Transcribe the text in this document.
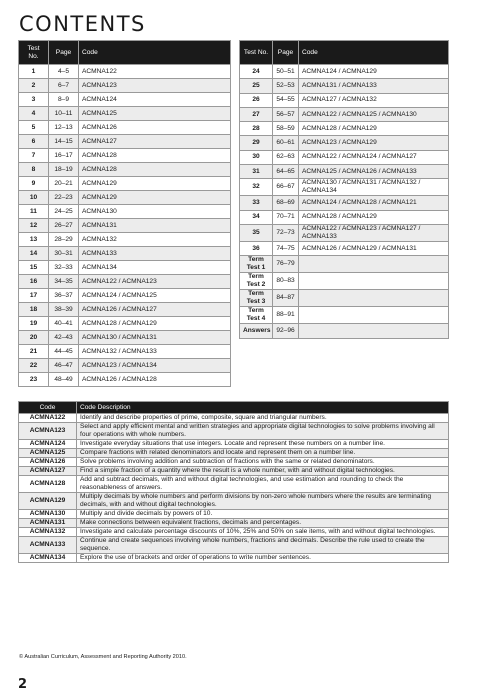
CONTENTS
Test No.	Page	Code
1	4–5	ACMNA122
2	6–7	ACMNA123
3	8–9	ACMNA124
4	10–11	ACMNA125
5	12–13	ACMNA126
6	14–15	ACMNA127
7	16–17	ACMNA128
8	18–19	ACMNA128
9	20–21	ACMNA129
10	22–23	ACMNA129
11	24–25	ACMNA130
12	26–27	ACMNA131
13	28–29	ACMNA132
14	30–31	ACMNA133
15	32–33	ACMNA134
16	34–35	ACMNA122 / ACMNA123
17	36–37	ACMNA124 / ACMNA125
18	38–39	ACMNA126 / ACMNA127
19	40–41	ACMNA128 / ACMNA129
20	42–43	ACMNA130 / ACMNA131
21	44–45	ACMNA132 / ACMNA133
22	46–47	ACMNA123 / ACMNA134
23	48–49	ACMNA126 / ACMNA128
Test No.	Page	Code
24	50–51	ACMNA124 / ACMNA129
25	52–53	ACMNA131 / ACMNA133
26	54–55	ACMNA127 / ACMNA132
27	56–57	ACMNA122 / ACMNA125 / ACMNA130
28	58–59	ACMNA128 / ACMNA129
29	60–61	ACMNA123 / ACMNA129
30	62–63	ACMNA122 / ACMNA124 / ACMNA127
31	64–65	ACMNA125 / ACMNA126 / ACMNA133
32	66–67	ACMNA130 / ACMNA131 / ACMNA132 / ACMNA134
33	68–69	ACMNA124 / ACMNA128 / ACMNA121
34	70–71	ACMNA128 / ACMNA129
35	72–73	ACMNA122 / ACMNA123 / ACMNA127 / ACMNA133
36	74–75	ACMNA126 / ACMNA129 / ACMNA131
Term Test 1	76–79	
Term Test 2	80–83	
Term Test 3	84–87	
Term Test 4	88–91	
Answers	92–96	
Code	Code Description
ACMNA122	Identify and describe properties of prime, composite, square and triangular numbers.
ACMNA123	Select and apply efficient mental and written strategies and appropriate digital technologies to solve problems involving all four operations with whole numbers.
ACMNA124	Investigate everyday situations that use integers. Locate and represent these numbers on a number line.
ACMNA125	Compare fractions with related denominators and locate and represent them on a number line.
ACMNA126	Solve problems involving addition and subtraction of fractions with the same or related denominators.
ACMNA127	Find a simple fraction of a quantity where the result is a whole number, with and without digital technologies.
ACMNA128	Add and subtract decimals, with and without digital technologies, and use estimation and rounding to check the reasonableness of answers.
ACMNA129	Multiply decimals by whole numbers and perform divisions by non-zero whole numbers where the results are terminating decimals, with and without digital technologies.
ACMNA130	Multiply and divide decimals by powers of 10.
ACMNA131	Make connections between equivalent fractions, decimals and percentages.
ACMNA132	Investigate and calculate percentage discounts of 10%, 25% and 50% on sale items, with and without digital technologies.
ACMNA133	Continue and create sequences involving whole numbers, fractions and decimals. Describe the rule used to create the sequence.
ACMNA134	Explore the use of brackets and order of operations to write number sentences.
© Australian Curriculum, Assessment and Reporting Authority 2010.
2
